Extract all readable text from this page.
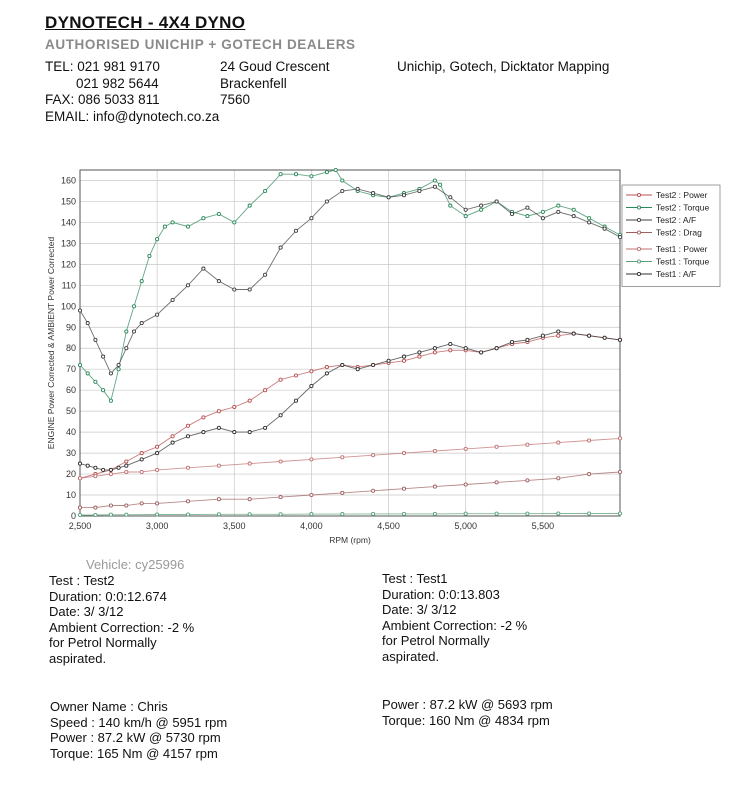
DYNOTECH - 4X4 DYNO
AUTHORISED UNICHIP + GOTECH DEALERS
TEL: 021 981 9170
021 982 5644
FAX: 086 5033 811
EMAIL: info@dynotech.co.za
24 Goud Crescent
Brackenfell
7560
Unichip, Gotech, Dicktator Mapping
0
10
20
30
40
50
60
70
80
90
100
110
120
130
140
150
160
2,500	3,000	3,500	4,000	4,500	5,000	5,500
ENGINE Power Corrected & AMBIENT Power Corrected
RPM (rpm)
Test2 : Power
Test2 : Torque
Test2 : A/F
Test2 : Drag
Test1 : Power
Test1 : Torque
Test1 : A/F
Vehicle: cy25996
Test : Test2
Duration: 0:0:12.674
Date: 3/ 3/12
Ambient Correction: -2 %
for Petrol Normally
aspirated.
Test : Test1
Duration: 0:0:13.803
Date: 3/ 3/12
Ambient Correction: -2 %
for Petrol Normally
aspirated.
Owner Name : Chris
Speed : 140 km/h @ 5951 rpm
Power : 87.2 kW @ 5730 rpm
Torque: 165 Nm @ 4157 rpm
Power : 87.2 kW @ 5693 rpm
Torque: 160 Nm @ 4834 rpm
